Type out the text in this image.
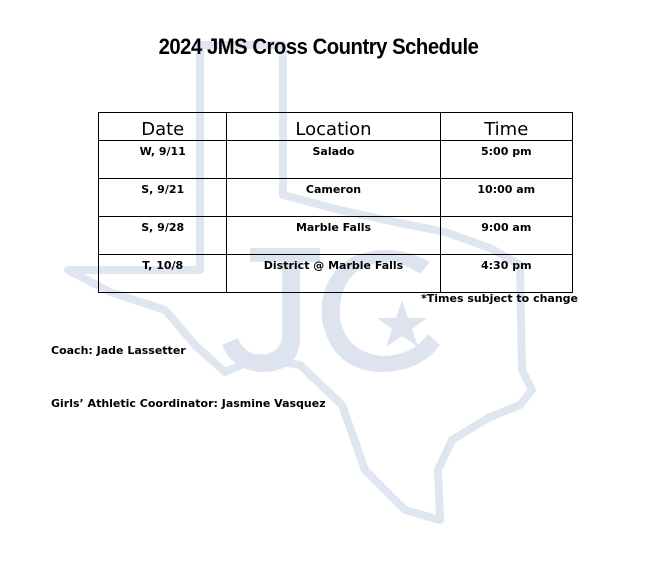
2024 JMS Cross Country Schedule
Date	Location	Time
W, 9/11	Salado	5:00 pm
S, 9/21	Cameron	10:00 am
S, 9/28	Marble Falls	9:00 am
T, 10/8	District @ Marble Falls	4:30 pm
*Times subject to change
Coach: Jade Lassetter
Girls’ Athletic Coordinator: Jasmine Vasquez
